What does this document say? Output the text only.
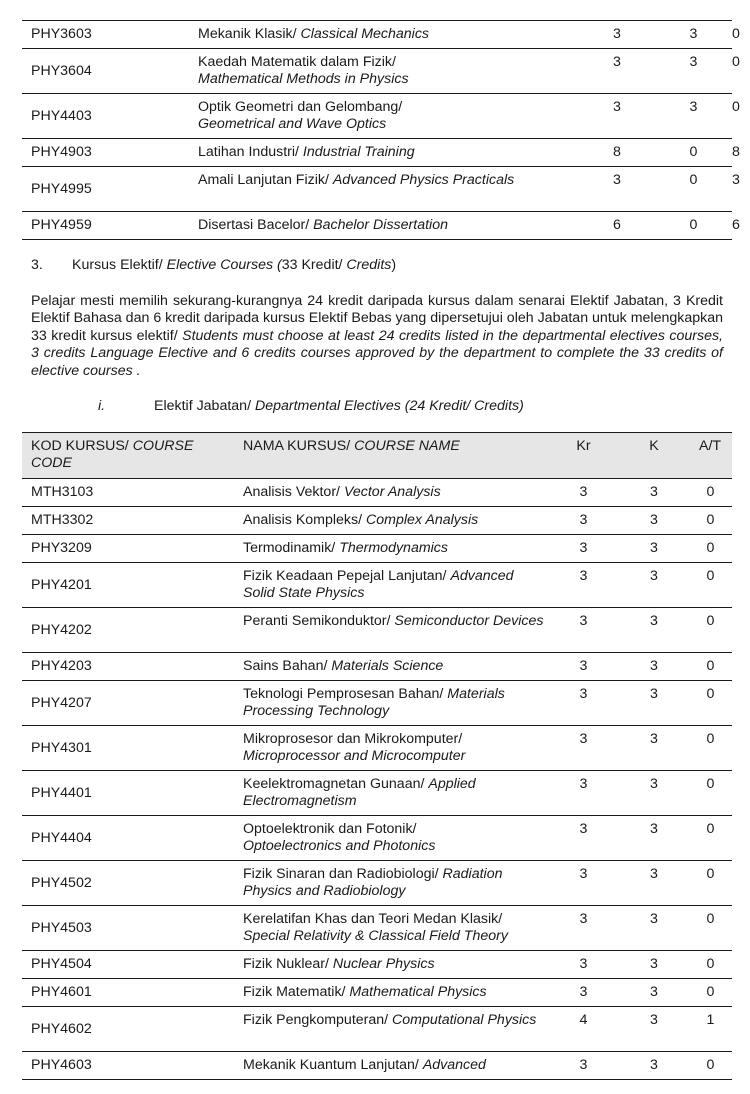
PHY3603	Mekanik Klasik/ Classical Mechanics	3	3	0
PHY3604	Kaedah Matematik dalam Fizik/
Mathematical Methods in Physics	3	3	0
PHY4403	Optik Geometri dan Gelombang/
Geometrical and Wave Optics	3	3	0
PHY4903	Latihan Industri/ Industrial Training	8	0	8
PHY4995	Amali Lanjutan Fizik/ Advanced Physics Practicals	3	0	3
PHY4959	Disertasi Bacelor/ Bachelor Dissertation	6	0	6
3. Kursus Elektif/ Elective Courses (33 Kredit/ Credits)
Pelajar mesti memilih sekurang-kurangnya 24 kredit daripada kursus dalam senarai Elektif Jabatan, 3 Kredit Elektif Bahasa dan 6 kredit daripada kursus Elektif Bebas yang dipersetujui oleh Jabatan untuk melengkapkan 33 kredit kursus elektif/ Students must choose at least 24 credits listed in the departmental electives courses, 3 credits Language Elective and 6 credits courses approved by the department to complete the 33 credits of elective courses .
i.	Elektif Jabatan/ Departmental Electives (24 Kredit/ Credits)
KOD KURSUS/ COURSE CODE	NAMA KURSUS/ COURSE NAME	Kr	K	A/T
MTH3103	Analisis Vektor/ Vector Analysis	3	3	0
MTH3302	Analisis Kompleks/ Complex Analysis	3	3	0
PHY3209	Termodinamik/ Thermodynamics	3	3	0
PHY4201	Fizik Keadaan Pepejal Lanjutan/ Advanced Solid State Physics	3	3	0
PHY4202	Peranti Semikonduktor/ Semiconductor Devices	3	3	0
PHY4203	Sains Bahan/ Materials Science	3	3	0
PHY4207	Teknologi Pemprosesan Bahan/ Materials Processing Technology	3	3	0
PHY4301	Mikroprosesor dan Mikrokomputer/
Microprocessor and Microcomputer	3	3	0
PHY4401	Keelektromagnetan Gunaan/ Applied Electromagnetism	3	3	0
PHY4404	Optoelektronik dan Fotonik/
Optoelectronics and Photonics	3	3	0
PHY4502	Fizik Sinaran dan Radiobiologi/ Radiation Physics and Radiobiology	3	3	0
PHY4503	Kerelatifan Khas dan Teori Medan Klasik/
Special Relativity & Classical Field Theory	3	3	0
PHY4504	Fizik Nuklear/ Nuclear Physics	3	3	0
PHY4601	Fizik Matematik/ Mathematical Physics	3	3	0
PHY4602	Fizik Pengkomputeran/ Computational Physics	4	3	1
PHY4603	Mekanik Kuantum Lanjutan/ Advanced	3	3	0
